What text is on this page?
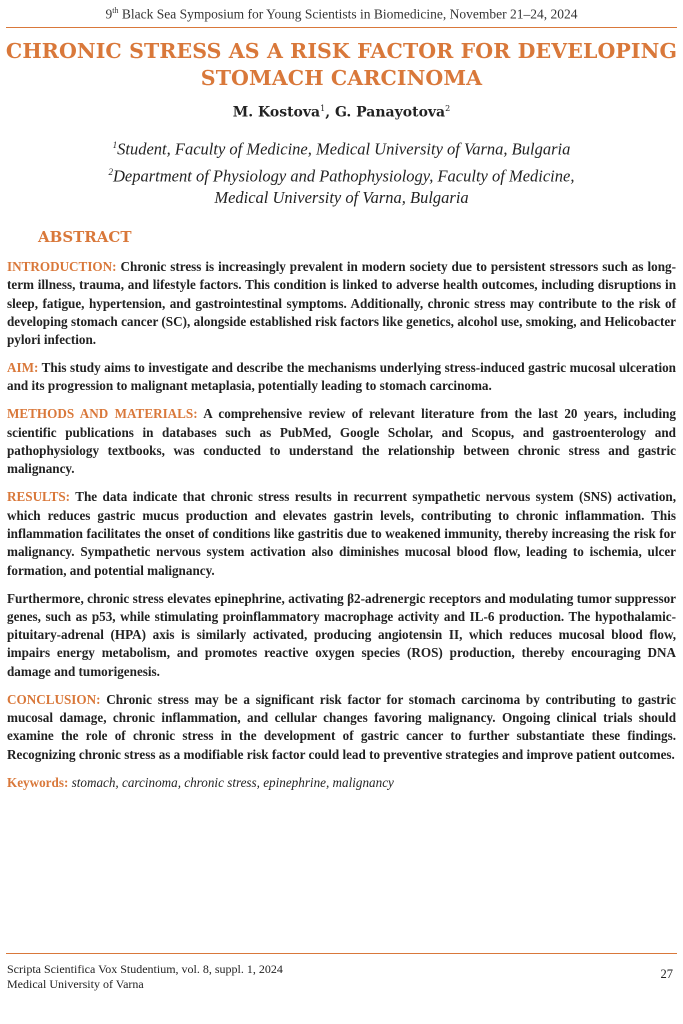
9th Black Sea Symposium for Young Scientists in Biomedicine, November 21–24, 2024
CHRONIC STRESS AS A RISK FACTOR FOR DEVELOPING
STOMACH CARCINOMA
M. Kostova$^1$, G. Panayotova$^2$
$^1$Student, Faculty of Medicine, Medical University of Varna, Bulgaria
$^2$Department of Physiology and Pathophysiology, Faculty of Medicine,
Medical University of Varna, Bulgaria
ABSTRACT

INTRODUCTION: Chronic stress is increasingly prevalent in modern society due to persistent stressors such as long-term illness, trauma, and lifestyle factors. This condition is linked to adverse health outcomes, including disruptions in sleep, fatigue, hypertension, and gastrointestinal symptoms. Additionally, chronic stress may contribute to the risk of developing stomach cancer (SC), alongside established risk factors like genetics, alcohol use, smoking, and Helicobacter pylori infection.

AIM: This study aims to investigate and describe the mechanisms underlying stress-induced gastric mucosal ulceration and its progression to malignant metaplasia, potentially leading to stomach carcinoma.

METHODS AND MATERIALS: A comprehensive review of relevant literature from the last 20 years, including scientific publications in databases such as PubMed, Google Scholar, and Scopus, and gastroenterology and pathophysiology textbooks, was conducted to understand the relationship between chronic stress and gastric malignancy.

RESULTS: The data indicate that chronic stress results in recurrent sympathetic nervous system (SNS) activation, which reduces gastric mucus production and elevates gastrin levels, contributing to chronic inflammation. This inflammation facilitates the onset of conditions like gastritis due to weakened immunity, thereby increasing the risk for malignancy. Sympathetic nervous system activation also diminishes mucosal blood flow, leading to ischemia, ulcer formation, and potential malignancy.

Furthermore, chronic stress elevates epinephrine, activating β2-adrenergic receptors and modulating tumor suppressor genes, such as p53, while stimulating proinflammatory macrophage activity and IL-6 production. The hypothalamic-pituitary-adrenal (HPA) axis is similarly activated, producing angiotensin II, which reduces mucosal blood flow, impairs energy metabolism, and promotes reactive oxygen species (ROS) production, thereby encouraging DNA damage and tumorigenesis.

CONCLUSION: Chronic stress may be a significant risk factor for stomach carcinoma by contributing to gastric mucosal damage, chronic inflammation, and cellular changes favoring malignancy. Ongoing clinical trials should examine the role of chronic stress in the development of gastric cancer to further substantiate these findings. Recognizing chronic stress as a modifiable risk factor could lead to preventive strategies and improve patient outcomes.

Keywords: stomach, carcinoma, chronic stress, epinephrine, malignancy

Scripta Scientifica Vox Studentium, vol. 8, suppl. 1, 2024
Medical University of Varna
27
